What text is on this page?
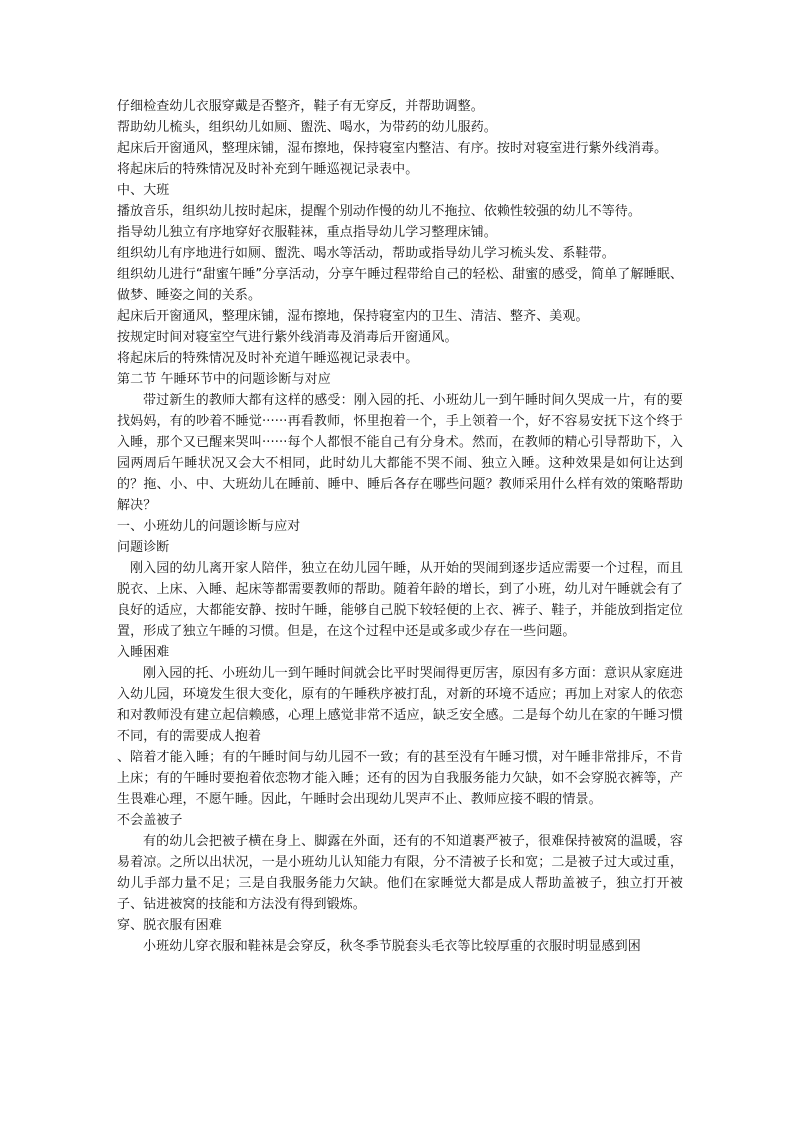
仔细检查幼儿衣服穿戴是否整齐，鞋子有无穿反，并帮助调整。

帮助幼儿梳头，组织幼儿如厕、盥洗、喝水，为带药的幼儿服药。

起床后开窗通风，整理床铺，湿布擦地，保持寝室内整洁、有序。按时对寝室进行紫外线消毒。

将起床后的特殊情况及时补充到午睡巡视记录表中。

中、大班

播放音乐，组织幼儿按时起床，提醒个别动作慢的幼儿不拖拉、依赖性较强的幼儿不等待。

指导幼儿独立有序地穿好衣服鞋袜，重点指导幼儿学习整理床铺。

组织幼儿有序地进行如厕、盥洗、喝水等活动，帮助或指导幼儿学习梳头发、系鞋带。

组织幼儿进行“甜蜜午睡”分享活动，分享午睡过程带给自己的轻松、甜蜜的感受，简单了解睡眠、做梦、睡姿之间的关系。

起床后开窗通风，整理床铺，湿布擦地，保持寝室内的卫生、清洁、整齐、美观。

按规定时间对寝室空气进行紫外线消毒及消毒后开窗通风。

将起床后的特殊情况及时补充道午睡巡视记录表中。

第二节 午睡环节中的问题诊断与对应

带过新生的教师大都有这样的感受：刚入园的托、小班幼儿一到午睡时间久哭成一片，有的要找妈妈，有的吵着不睡觉······再看教师，怀里抱着一个，手上领着一个，好不容易安抚下这个终于入睡，那个又已醒来哭叫······每个人都恨不能自己有分身术。然而，在教师的精心引导帮助下，入园两周后午睡状况又会大不相同，此时幼儿大都能不哭不闹、独立入睡。这种效果是如何让达到的？拖、小、中、大班幼儿在睡前、睡中、睡后各存在哪些问题？教师采用什么样有效的策略帮助解决？

一、小班幼儿的问题诊断与应对

问题诊断

刚入园的幼儿离开家人陪伴，独立在幼儿园午睡，从开始的哭闹到逐步适应需要一个过程，而且脱衣、上床、入睡、起床等都需要教师的帮助。随着年龄的增长，到了小班，幼儿对午睡就会有了良好的适应，大都能安静、按时午睡，能够自己脱下较轻便的上衣、裤子、鞋子，并能放到指定位置，形成了独立午睡的习惯。但是，在这个过程中还是或多或少存在一些问题。

入睡困难

刚入园的托、小班幼儿一到午睡时间就会比平时哭闹得更厉害，原因有多方面：意识从家庭进入幼儿园，环境发生很大变化，原有的午睡秩序被打乱，对新的环境不适应；再加上对家人的依恋和对教师没有建立起信赖感，心理上感觉非常不适应，缺乏安全感。二是每个幼儿在家的午睡习惯不同，有的需要成人抱着

、陪着才能入睡；有的午睡时间与幼儿园不一致；有的甚至没有午睡习惯，对午睡非常排斥，不肯上床；有的午睡时要抱着依恋物才能入睡；还有的因为自我服务能力欠缺，如不会穿脱衣裤等，产生畏难心理，不愿午睡。因此，午睡时会出现幼儿哭声不止、教师应接不暇的情景。

不会盖被子

有的幼儿会把被子横在身上、脚露在外面，还有的不知道裹严被子，很难保持被窝的温暖，容易着凉。之所以出状况，一是小班幼儿认知能力有限，分不清被子长和宽；二是被子过大或过重，幼儿手部力量不足；三是自我服务能力欠缺。他们在家睡觉大都是成人帮助盖被子，独立打开被子、钻进被窝的技能和方法没有得到锻炼。

穿、脱衣服有困难

小班幼儿穿衣服和鞋袜是会穿反，秋冬季节脱套头毛衣等比较厚重的衣服时明显感到困
